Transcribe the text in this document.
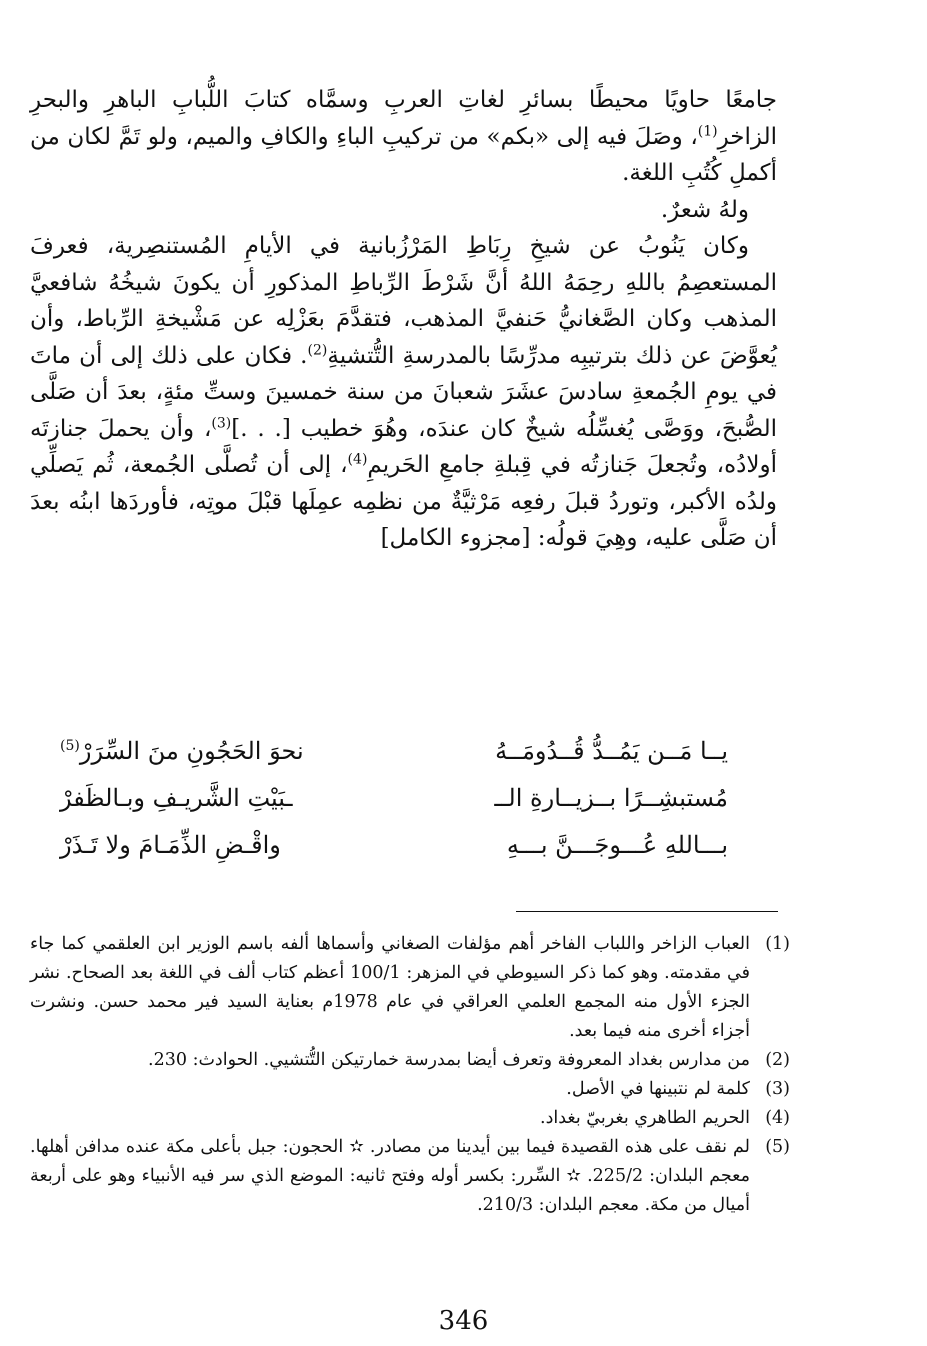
جامعًا حاويًا محيطًا بسائرِ لغاتِ العربِ وسمَّاه كتابَ اللُّبابِ الباهرِ والبحرِ الزاخرِ$^{(1)}$، وصَلَ فيه إلى «بكم» من تركيبِ الباءِ والكافِ والميم، ولو تَمَّ لكان من أكملِ كُتُبِ اللغة.

ولهُ شعرٌ.

وكان يَنُوبُ عن شيخِ رِبَاطِ المَرْزُبانية في الأيامِ المُستنصِرية، فعرفَ المستعصِمُ باللهِ رحِمَهُ اللهُ أنَّ شَرْطَ الرِّباطِ المذكورِ أن يكونَ شيخُهُ شافعيَّ المذهب وكان الصَّغانيُّ حَنفيَّ المذهب، فتقدَّمَ بعَزْلِه عن مَشْيخةِ الرِّباط، وأن يُعوَّضَ عن ذلك بترتيبِه مدرِّسًا بالمدرسةِ التُّتشيةِ$^{(2)}$. فكان على ذلك إلى أن ماتَ في يومِ الجُمعةِ سادسَ عشَرَ شعبانَ من سنة خمسينَ وستِّ مئةٍ، بعدَ أن صَلَّى الصُّبحَ، ووَصَّى يُغسِّلُه شيخٌ كان عندَه، وهُوَ خطيب [. . .]$^{(3)}$، وأن يحملَ جنازتَه أولادُه، وتُجعلَ جَنازتُه في قِبلةِ جامعِ الحَريمِ$^{(4)}$، إلى أن تُصلَّى الجُمعة، ثُم يَصلِّي ولدُه الأكبر، وتوردُ قبلَ رفعِه مَرْثيَّةٌ من نظمِه عمِلَها قبْلَ موتِه، فأوردَها ابنُه بعدَ أن صَلَّى عليه، وهِيَ قولُه: [مجزوء الكامل]

يــا مَــن يَمُــدُّ قُــدُومَــهُ
نحوَ الحَجُونِ منَ السِّرَرْ$^{(5)}$
مُستبشِــرًا بــزيــارةِ الــ
ـبَيْتِ الشَّريـفِ وبـالظَفرْ
بـــاللهِ عُـــوجَـــنَّ بـــهِ
واقْـضِ الذِّمَـامَ ولا تَـذَرْ
(1)
العباب الزاخر واللباب الفاخر أهم مؤلفات الصغاني وأسماها ألفه باسم الوزير ابن العلقمي كما جاء في مقدمته. وهو كما ذكر السيوطي في المزهر: 100/1 أعظم كتاب ألف في اللغة بعد الصحاح. نشر الجزء الأول منه المجمع العلمي العراقي في عام 1978م بعناية السيد فير محمد حسن. ونشرت أجزاء أخرى منه فيما بعد.
(2)
من مدارس بغداد المعروفة وتعرف أيضا بمدرسة خمارتيكن التُّتشيي. الحوادث: 230.
(3)
كلمة لم نتبينها في الأصل.
(4)
الحريم الطاهري بغربيّ بغداد.
(5)
لم نقف على هذه القصيدة فيما بين أيدينا من مصادر. ✫ الحجون: جبل بأعلى مكة عنده مدافن أهلها. معجم البلدان: 225/2. ✫ السِّرر: بكسر أوله وفتح ثانيه: الموضع الذي سر فيه الأنبياء وهو على أربعة أميال من مكة. معجم البلدان: 210/3.
346
